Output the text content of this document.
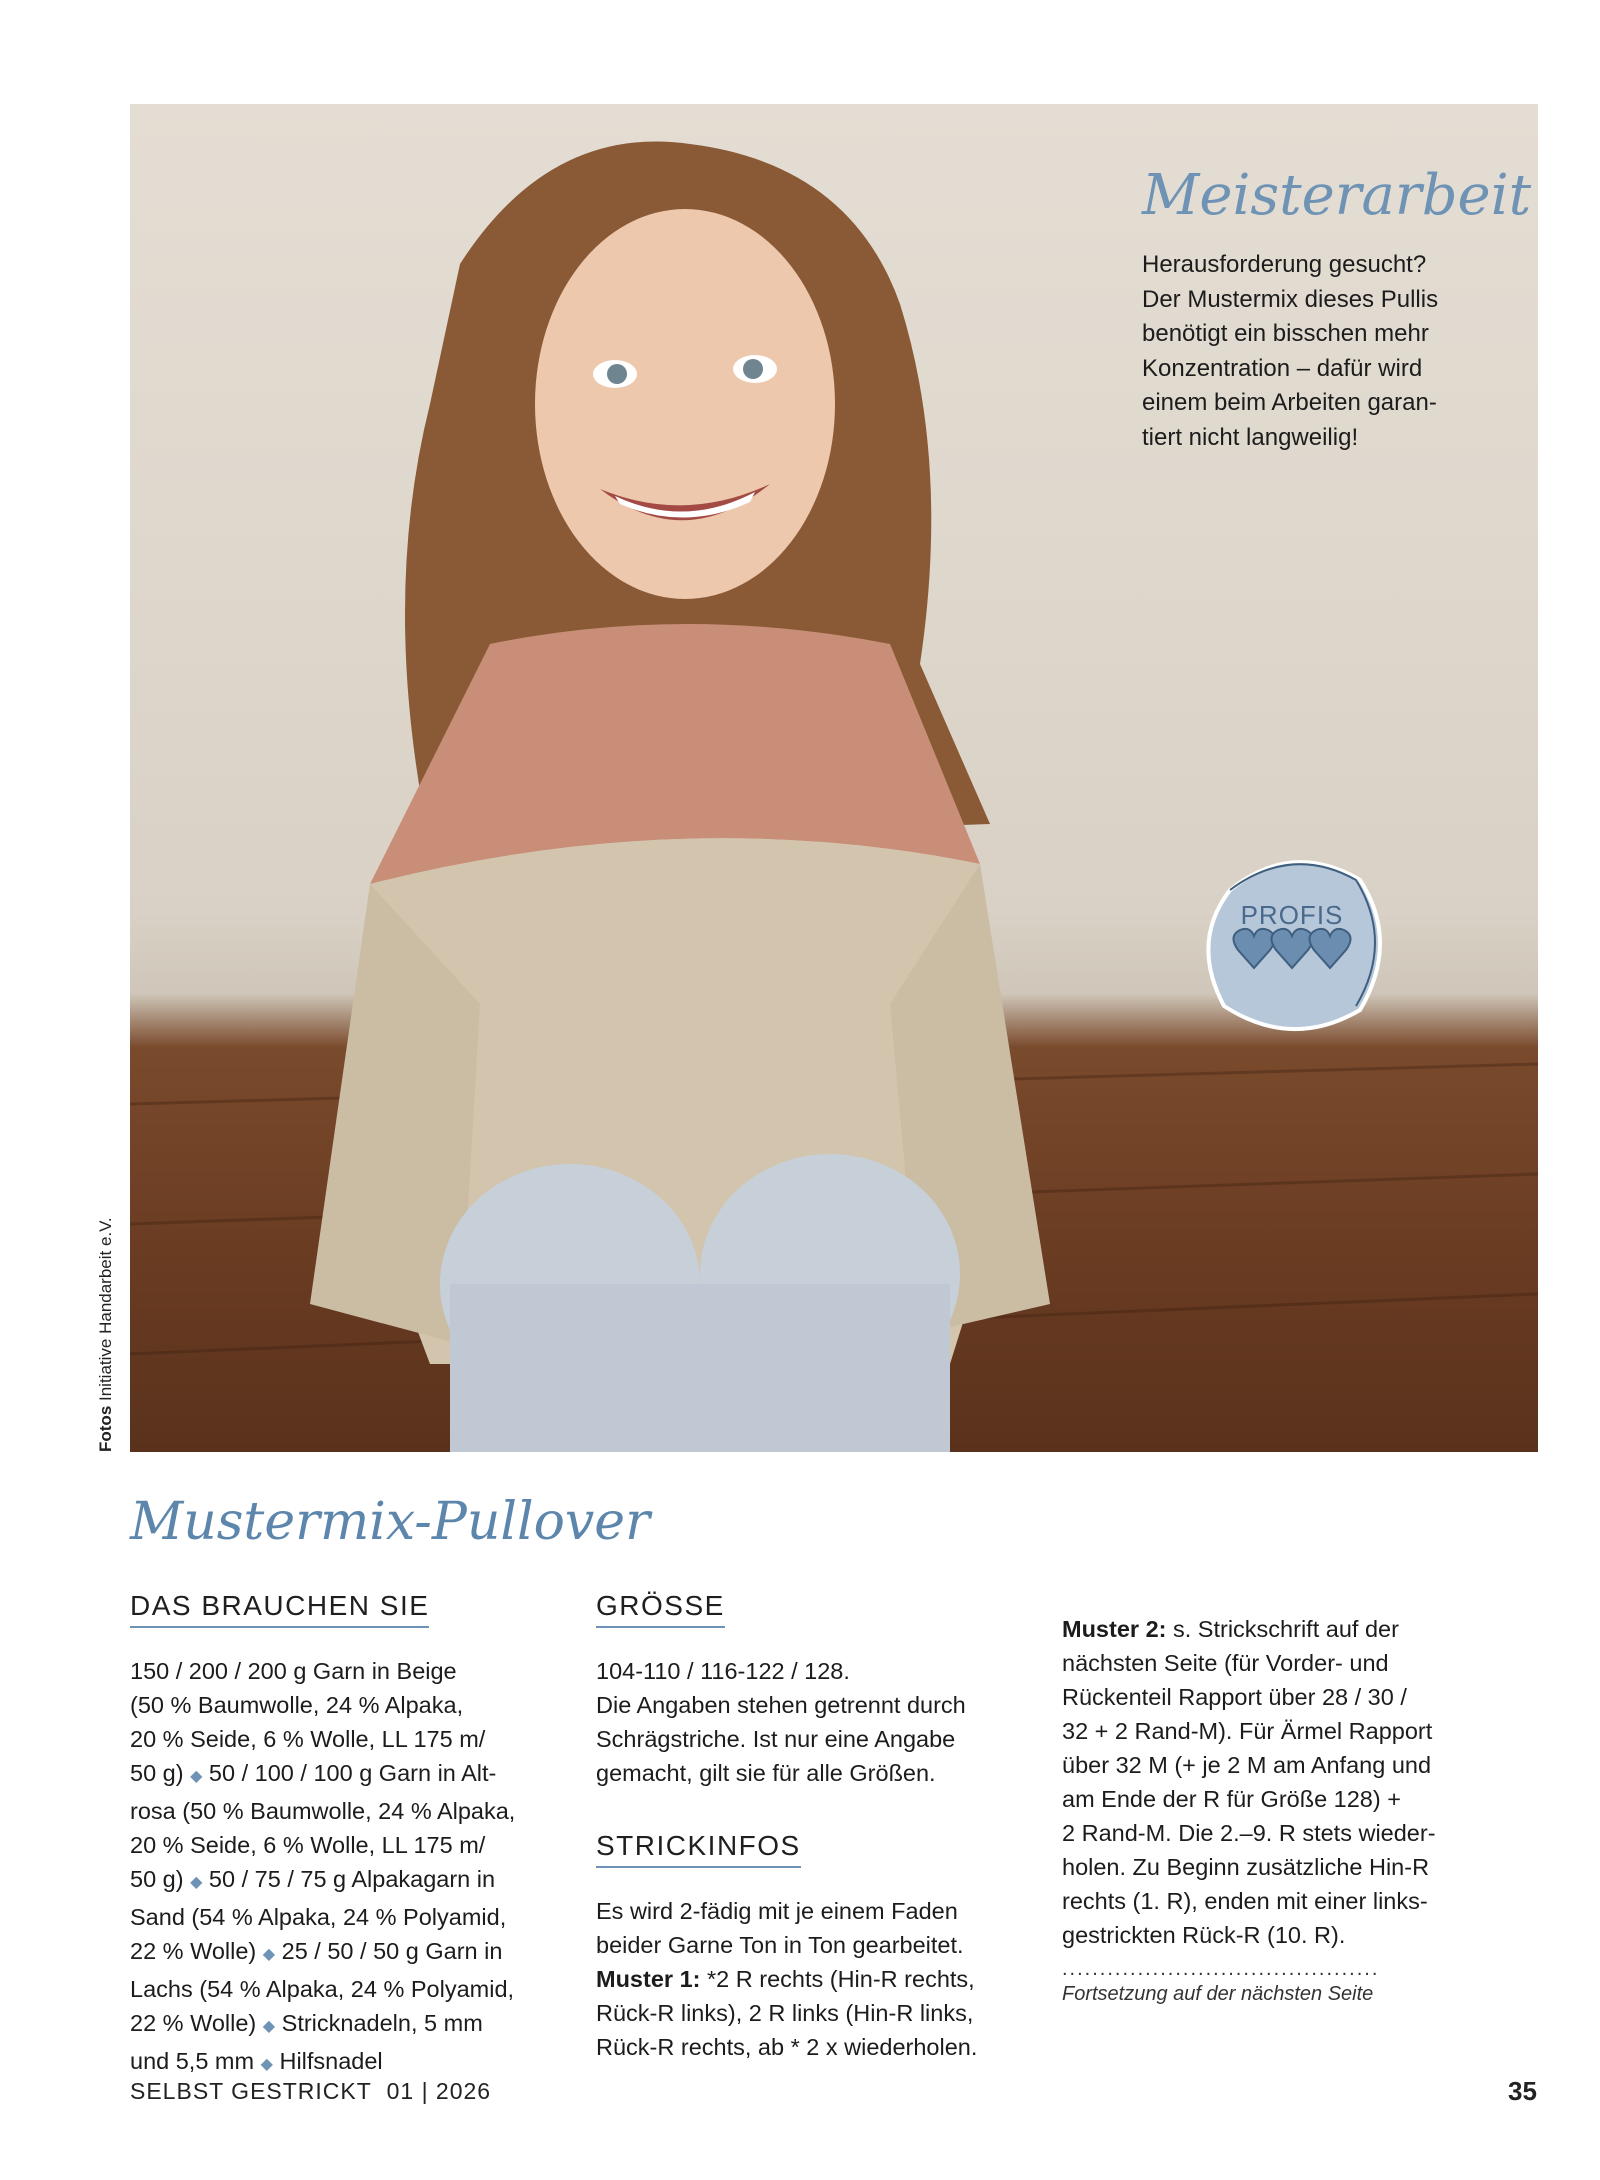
Meisterarbeit

Herausforderung gesucht?

Der Mustermix dieses Pullis

benötigt ein bisschen mehr

Konzentration – dafür wird

einem beim Arbeiten garan-

tiert nicht langweilig!

PROFIS
Fotos Initiative Handarbeit e.V.
Mustermix-Pullover
DAS BRAUCHEN SIE

150 / 200 / 200 g Garn in Beige

(50 % Baumwolle, 24 % Alpaka,

20 % Seide, 6 % Wolle, LL 175 m/

50 g) ◆ 50 / 100 / 100 g Garn in Alt-

rosa (50 % Baumwolle, 24 % Alpaka,

20 % Seide, 6 % Wolle, LL 175 m/

50 g) ◆ 50 / 75 / 75 g Alpakagarn in

Sand (54 % Alpaka, 24 % Polyamid,

22 % Wolle) ◆ 25 / 50 / 50 g Garn in

Lachs (54 % Alpaka, 24 % Polyamid,

22 % Wolle) ◆ Stricknadeln, 5 mm

und 5,5 mm ◆ Hilfsnadel

GRÖSSE

104-110 / 116-122 / 128.

Die Angaben stehen getrennt durch

Schrägstriche. Ist nur eine Angabe

gemacht, gilt sie für alle Größen.

STRICKINFOS

Es wird 2-fädig mit je einem Faden

beider Garne Ton in Ton gearbeitet.

Muster 1: *2 R rechts (Hin-R rechts,

Rück-R links), 2 R links (Hin-R links,

Rück-R rechts, ab * 2 x wiederholen.

Muster 2: s. Strickschrift auf der

nächsten Seite (für Vorder- und

Rückenteil Rapport über 28 / 30 /

32 + 2 Rand-M). Für Ärmel Rapport

über 32 M (+ je 2 M am Anfang und

am Ende der R für Größe 128) +

2 Rand-M. Die 2.–9. R stets wieder-

holen. Zu Beginn zusätzliche Hin-R

rechts (1. R), enden mit einer links-

gestrickten Rück-R (10. R).

..........................................
Fortsetzung auf der nächsten Seite
SELBST GESTRICKT 01 | 2026	35
